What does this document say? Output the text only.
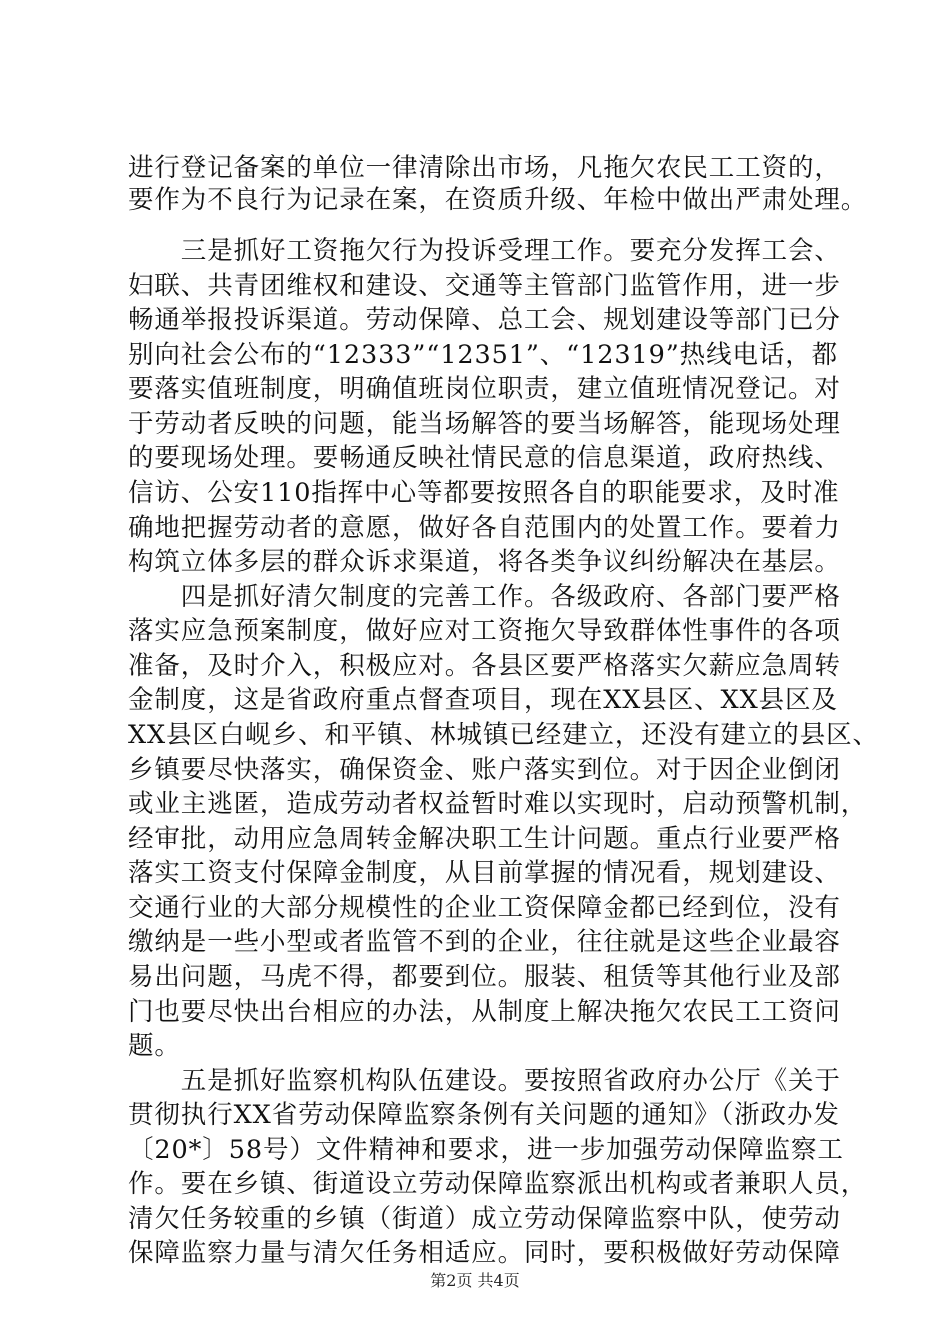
进行登记备案的单位一律清除出市场，凡拖欠农民工工资的，
要作为不良行为记录在案，在资质升级、年检中做出严肃处理。
　　三是抓好工资拖欠行为投诉受理工作。要充分发挥工会、
妇联、共青团维权和建设、交通等主管部门监管作用，进一步
畅通举报投诉渠道。劳动保障、总工会、规划建设等部门已分
别向社会公布的“12333”“12351”、“12319”热线电话，都
要落实值班制度，明确值班岗位职责，建立值班情况登记。对
于劳动者反映的问题，能当场解答的要当场解答，能现场处理
的要现场处理。要畅通反映社情民意的信息渠道，政府热线、
信访、公安110指挥中心等都要按照各自的职能要求，及时准
确地把握劳动者的意愿，做好各自范围内的处置工作。要着力
构筑立体多层的群众诉求渠道，将各类争议纠纷解决在基层。
　　四是抓好清欠制度的完善工作。各级政府、各部门要严格
落实应急预案制度，做好应对工资拖欠导致群体性事件的各项
准备，及时介入，积极应对。各县区要严格落实欠薪应急周转
金制度，这是省政府重点督查项目，现在XX县区、XX县区及
XX县区白岘乡、和平镇、林城镇已经建立，还没有建立的县区、
乡镇要尽快落实，确保资金、账户落实到位。对于因企业倒闭
或业主逃匿，造成劳动者权益暂时难以实现时，启动预警机制，
经审批，动用应急周转金解决职工生计问题。重点行业要严格
落实工资支付保障金制度，从目前掌握的情况看，规划建设、
交通行业的大部分规模性的企业工资保障金都已经到位，没有
缴纳是一些小型或者监管不到的企业，往往就是这些企业最容
易出问题，马虎不得，都要到位。服装、租赁等其他行业及部
门也要尽快出台相应的办法，从制度上解决拖欠农民工工资问
题。
　　五是抓好监察机构队伍建设。要按照省政府办公厅《关于
贯彻执行XX省劳动保障监察条例有关问题的通知》（浙政办发
〔20*〕58号）文件精神和要求，进一步加强劳动保障监察工
作。要在乡镇、街道设立劳动保障监察派出机构或者兼职人员，
清欠任务较重的乡镇（街道）成立劳动保障监察中队，使劳动
第2页 共4页
保障监察力量与清欠任务相适应。同时，要积极做好劳动保障
